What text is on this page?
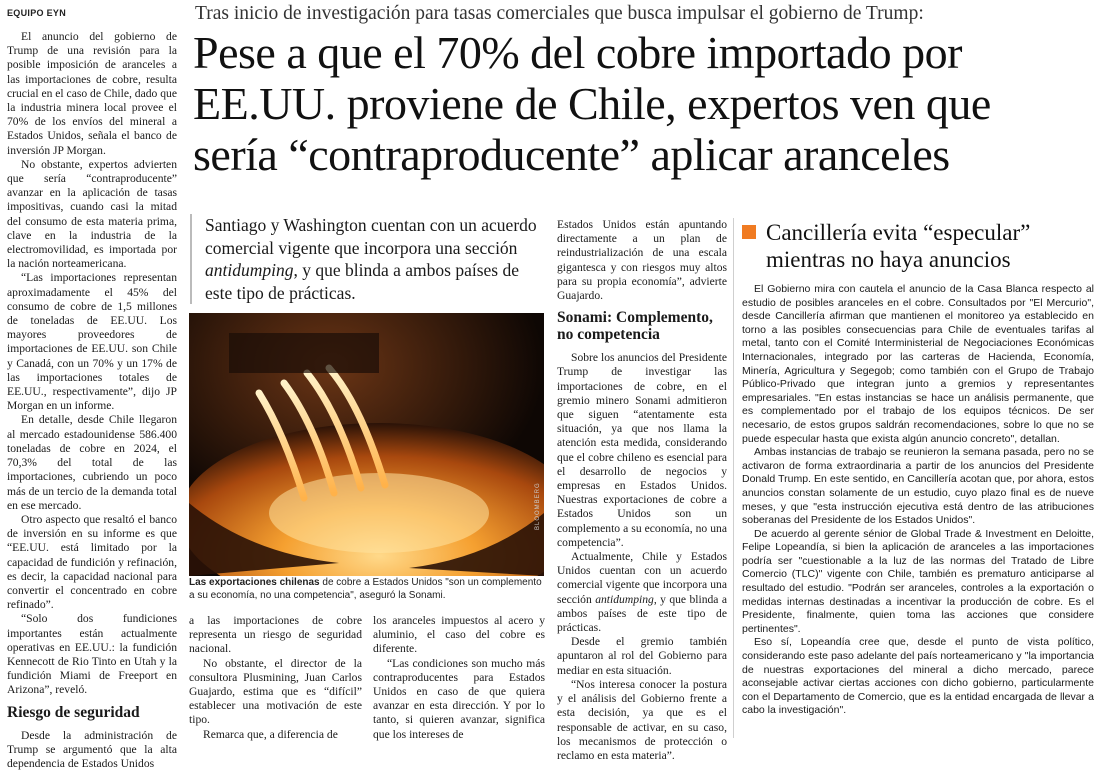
EQUIPO EYN	Tras inicio de investigación para tasas comerciales que busca impulsar el gobierno de Trump:
Pese a que el 70% del cobre importado por
EE.UU. proviene de Chile, expertos ven que
sería “contraproducente” aplicar aranceles

El anuncio del gobierno de Trump de una revisión para la posible imposición de aranceles a las importaciones de cobre, resulta crucial en el caso de Chile, dado que la industria minera local provee el 70% de los envíos del mineral a Estados Unidos, señala el banco de inversión JP Morgan.

No obstante, expertos advierten que sería “contraproducente” avanzar en la aplicación de tasas impositivas, cuando casi la mitad del consumo de esta materia prima, clave en la industria de la electromovilidad, es importada por la nación norteamericana.

“Las importaciones representan aproximadamente el 45% del consumo de cobre de 1,5 millones de toneladas de EE.UU. Los mayores proveedores de importaciones de EE.UU. son Chile y Canadá, con un 70% y un 17% de las importaciones totales de EE.UU., respectivamente”, dijo JP Morgan en un informe.

En detalle, desde Chile llegaron al mercado estadounidense 586.400 toneladas de cobre en 2024, el 70,3% del total de las importaciones, cubriendo un poco más de un tercio de la demanda total en ese mercado.

Otro aspecto que resaltó el banco de inversión en su informe es que “EE.UU. está limitado por la capacidad de fundición y refinación, es decir, la capacidad nacional para convertir el concentrado en cobre refinado”.

“Solo dos fundiciones importantes están actualmente operativas en EE.UU.: la fundición Kennecott de Rio Tinto en Utah y la fundición Miami de Freeport en Arizona”, reveló.

Riesgo de seguridad

Desde la administración de Trump se argumentó que la alta dependencia de Estados Unidos

Santiago y Washington cuentan con un acuerdo comercial vigente que incorpora una sección antidumping, y que blinda a ambos países de este tipo de prácticas.
BLOOMBERG
Las exportaciones chilenas de cobre a Estados Unidos "son un complemento a su economía, no una competencia", aseguró la Sonami.

a las importaciones de cobre representa un riesgo de seguridad nacional.

No obstante, el director de la consultora Plusmining, Juan Carlos Guajardo, estima que es “difícil” establecer una motivación de este tipo.

Remarca que, a diferencia de

los aranceles impuestos al acero y aluminio, el caso del cobre es diferente.

“Las condiciones son mucho más contraproducentes para Estados Unidos en caso de que quiera avanzar en esta dirección. Y por lo tanto, si quieren avanzar, significa que los intereses de

Estados Unidos están apuntando directamente a un plan de reindustrialización de una escala gigantesca y con riesgos muy altos para su propia economía”, advierte Guajardo.

Sonami: Complemento, no competencia

Sobre los anuncios del Presidente Trump de investigar las importaciones de cobre, en el gremio minero Sonami admitieron que siguen “atentamente esta situación, ya que nos llama la atención esta medida, considerando que el cobre chileno es esencial para el desarrollo de negocios y empresas en Estados Unidos. Nuestras exportaciones de cobre a Estados Unidos son un complemento a su economía, no una competencia”.

Actualmente, Chile y Estados Unidos cuentan con un acuerdo comercial vigente que incorpora una sección antidumping, y que blinda a ambos países de este tipo de prácticas.

Desde el gremio también apuntaron al rol del Gobierno para mediar en esta situación.

“Nos interesa conocer la postura y el análisis del Gobierno frente a esta decisión, ya que es el responsable de activar, en su caso, los mecanismos de protección o reclamo en esta materia”.

Cancillería evita “especular”
mientras no haya anuncios

El Gobierno mira con cautela el anuncio de la Casa Blanca respecto al estudio de posibles aranceles en el cobre. Consultados por "El Mercurio", desde Cancillería afirman que mantienen el monitoreo ya establecido en torno a las posibles consecuencias para Chile de eventuales tarifas al metal, tanto con el Comité Interministerial de Negociaciones Económicas Internacionales, integrado por las carteras de Hacienda, Economía, Minería, Agricultura y Segegob; como también con el Grupo de Trabajo Público-Privado que integran junto a gremios y representantes empresariales. "En estas instancias se hace un análisis permanente, que es complementado por el trabajo de los equipos técnicos. De ser necesario, de estos grupos saldrán recomendaciones, sobre lo que no se puede especular hasta que exista algún anuncio concreto", detallan.

Ambas instancias de trabajo se reunieron la semana pasada, pero no se activaron de forma extraordinaria a partir de los anuncios del Presidente Donald Trump. En este sentido, en Cancillería acotan que, por ahora, estos anuncios constan solamente de un estudio, cuyo plazo final es de nueve meses, y que "esta instrucción ejecutiva está dentro de las atribuciones soberanas del Presidente de los Estados Unidos".

De acuerdo al gerente sénior de Global Trade & Investment en Deloitte, Felipe Lopeandía, si bien la aplicación de aranceles a las importaciones podría ser "cuestionable a la luz de las normas del Tratado de Libre Comercio (TLC)" vigente con Chile, también es prematuro anticiparse al resultado del estudio. "Podrán ser aranceles, controles a la exportación o medidas internas destinadas a incentivar la producción de cobre. Es el Presidente, finalmente, quien toma las acciones que considere pertinentes".

Eso sí, Lopeandía cree que, desde el punto de vista político, considerando este paso adelante del país norteamericano y "la importancia de nuestras exportaciones del mineral a dicho mercado, parece aconsejable activar ciertas acciones con dicho gobierno, particularmente con el Departamento de Comercio, que es la entidad encargada de llevar a cabo la investigación".
